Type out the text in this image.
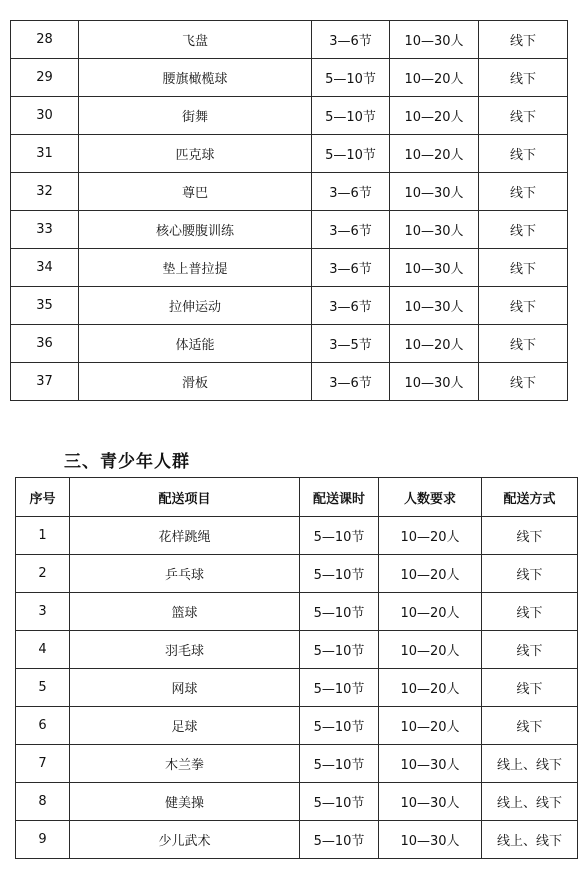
28	飞盘	3—6节	10—30人	线下
29	腰旗橄榄球	5—10节	10—20人	线下
30	街舞	5—10节	10—20人	线下
31	匹克球	5—10节	10—20人	线下
32	尊巴	3—6节	10—30人	线下
33	核心腰腹训练	3—6节	10—30人	线下
34	垫上普拉提	3—6节	10—30人	线下
35	拉伸运动	3—6节	10—30人	线下
36	体适能	3—5节	10—20人	线下
37	滑板	3—6节	10—30人	线下
三、青少年人群
序号	配送项目	配送课时	人数要求	配送方式
1	花样跳绳	5—10节	10—20人	线下
2	乒乓球	5—10节	10—20人	线下
3	篮球	5—10节	10—20人	线下
4	羽毛球	5—10节	10—20人	线下
5	网球	5—10节	10—20人	线下
6	足球	5—10节	10—20人	线下
7	木兰拳	5—10节	10—30人	线上、线下
8	健美操	5—10节	10—30人	线上、线下
9	少儿武术	5—10节	10—30人	线上、线下
